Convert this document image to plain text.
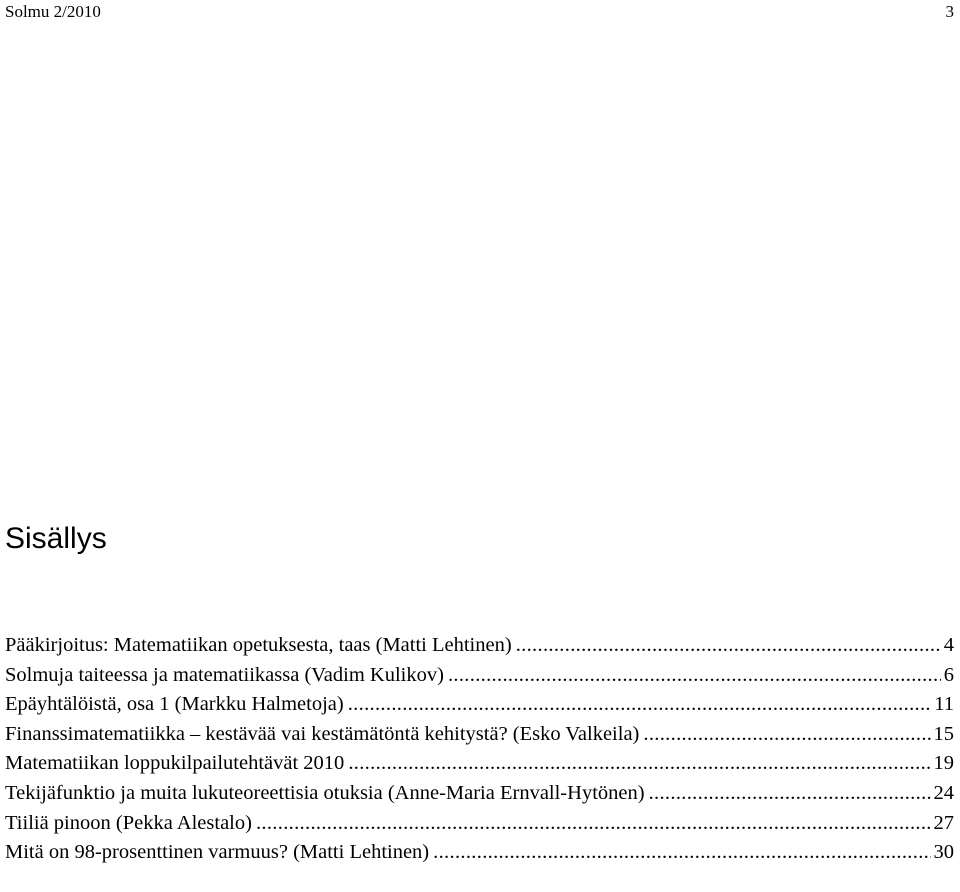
Solmu 2/2010	3
Sisällys
Pääkirjoitus: Matematiikan opetuksesta, taas (Matti Lehtinen) . . .	4
Solmuja taiteessa ja matematiikassa (Vadim Kulikov) . . .	6
Epäyhtälöistä, osa 1 (Markku Halmetoja) . . .	11
Finanssimatematiikka – kestävää vai kestämätöntä kehitystä? (Esko Valkeila) . . .	15
Matematiikan loppukilpailutehtävät 2010 . . .	19
Tekijäfunktio ja muita lukuteoreettisia otuksia (Anne-Maria Ernvall-Hytönen) . . .	24
Tiiliä pinoon (Pekka Alestalo) . . .	27
Mitä on 98-prosenttinen varmuus? (Matti Lehtinen) . . .	30
